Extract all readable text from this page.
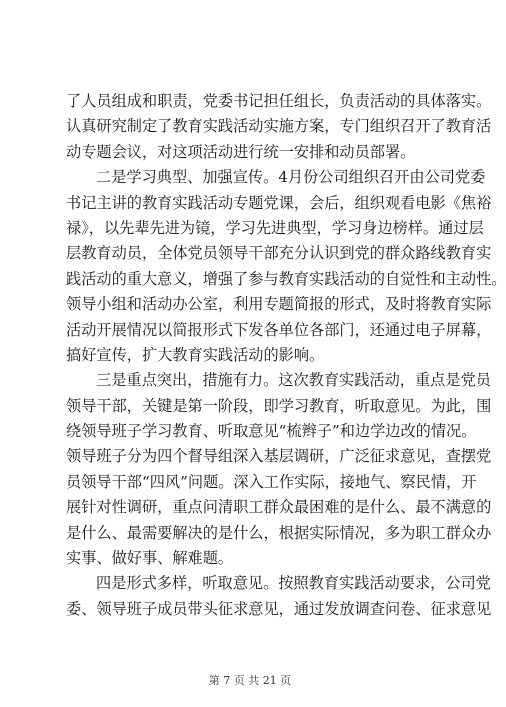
了人员组成和职责，党委书记担任组长，负责活动的具体落实。
认真研究制定了教育实践活动实施方案，专门组织召开了教育活
动专题会议，对这项活动进行统一安排和动员部署。
二是学习典型、加强宣传。4月份公司组织召开由公司党委
书记主讲的教育实践活动专题党课，会后，组织观看电影《焦裕
禄》，以先辈先进为镜，学习先进典型，学习身边榜样。通过层
层教育动员，全体党员领导干部充分认识到党的群众路线教育实
践活动的重大意义，增强了参与教育实践活动的自觉性和主动性。
领导小组和活动办公室，利用专题简报的形式，及时将教育实际
活动开展情况以简报形式下发各单位各部门，还通过电子屏幕，
搞好宣传，扩大教育实践活动的影响。
三是重点突出，措施有力。这次教育实践活动，重点是党员
领导干部，关键是第一阶段，即学习教育，听取意见。为此，围
绕领导班子学习教育、听取意见“梳辫子”和边学边改的情况。
领导班子分为四个督导组深入基层调研，广泛征求意见，查摆党
员领导干部“四风”问题。深入工作实际，接地气、察民情，开
展针对性调研，重点问清职工群众最困难的是什么、最不满意的
是什么、最需要解决的是什么，根据实际情况，多为职工群众办
实事、做好事、解难题。
四是形式多样，听取意见。按照教育实践活动要求，公司党
委、领导班子成员带头征求意见，通过发放调查问卷、征求意见
第 7 页 共 21 页
